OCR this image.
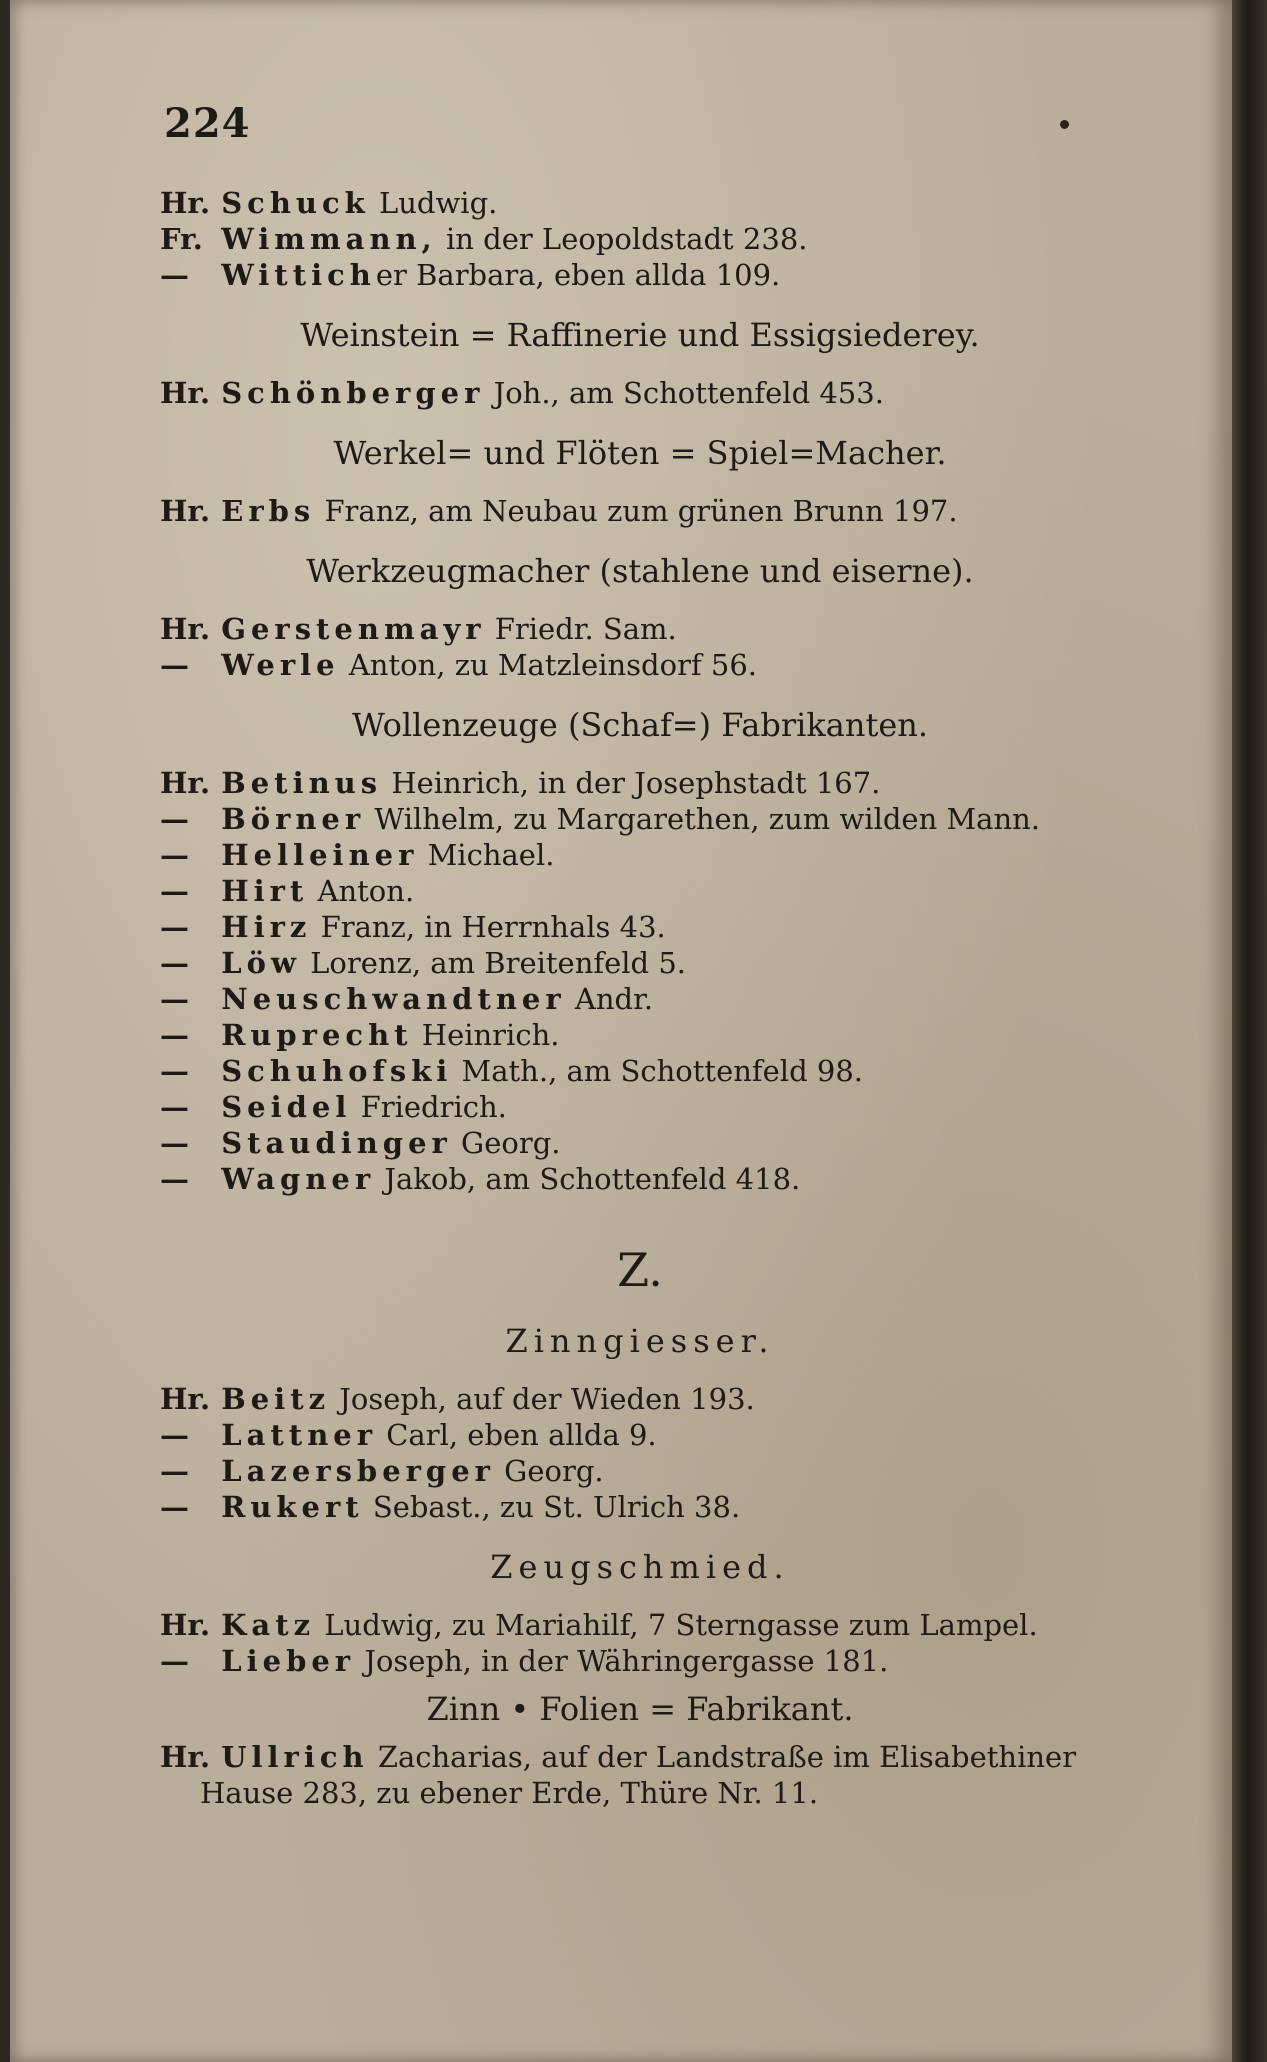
224
Hr. Schuck Ludwig.
Fr. Wimmann, in der Leopoldstadt 238.
— Witticher Barbara, eben allda 109.
Weinstein = Raffinerie und Essigsiederey.
Hr. Schönberger Joh., am Schottenfeld 453.
Werkel= und Flöten = Spiel=Macher.
Hr. Erbs Franz, am Neubau zum grünen Brunn 197.
Werkzeugmacher (stahlene und eiserne).
Hr. Gerstenmayr Friedr. Sam.
— Werle Anton, zu Matzleinsdorf 56.
Wollenzeuge (Schaf=) Fabrikanten.
Hr. Betinus Heinrich, in der Josephstadt 167.
— Börner Wilhelm, zu Margarethen, zum wilden Mann.
— Helleiner Michael.
— Hirt Anton.
— Hirz Franz, in Herrnhals 43.
— Löw Lorenz, am Breitenfeld 5.
— Neuschwandtner Andr.
— Ruprecht Heinrich.
— Schuhofski Math., am Schottenfeld 98.
— Seidel Friedrich.
— Staudinger Georg.
— Wagner Jakob, am Schottenfeld 418.
Z.
Zinngiesser.
Hr. Beitz Joseph, auf der Wieden 193.
— Lattner Carl, eben allda 9.
— Lazersberger Georg.
— Rukert Sebast., zu St. Ulrich 38.
Zeugschmied.
Hr. Katz Ludwig, zu Mariahilf, 7 Sterngasse zum Lampel.
— Lieber Joseph, in der Währingergasse 181.
Zinn • Folien = Fabrikant.
Hr. Ullrich Zacharias, auf der Landstraße im Elisabethiner
Hause 283, zu ebener Erde, Thüre Nr. 11.
